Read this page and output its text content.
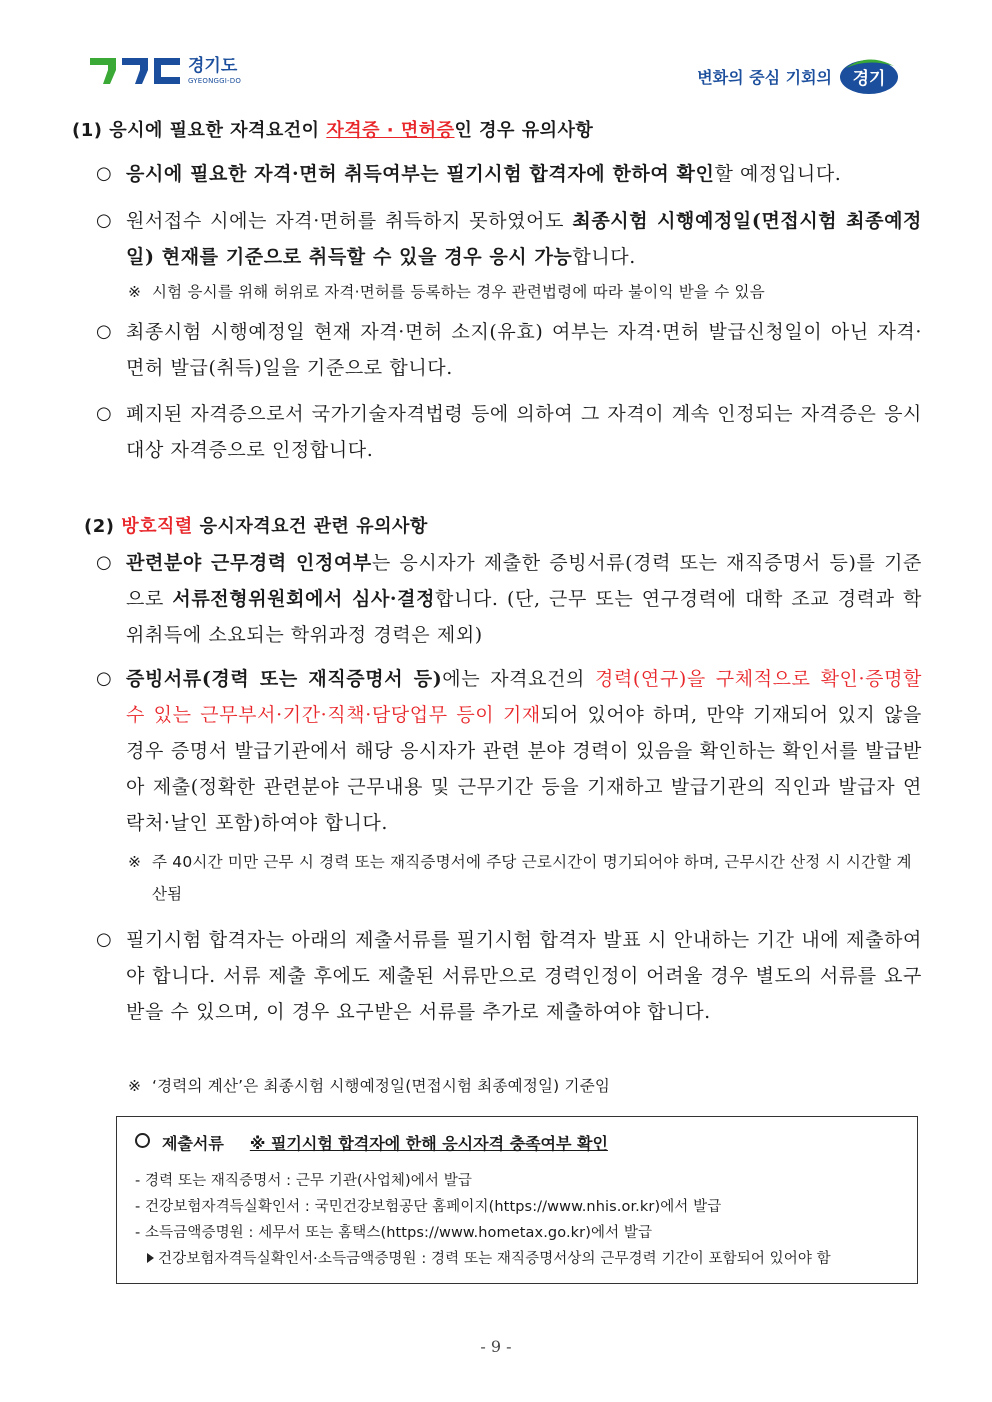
경기도
GYEONGGI-DO	변화의 중심 기회의	경기
(1) 응시에 필요한 자격요건이 자격증 · 면허증인 경우 유의사항
○ 응시에 필요한 자격·면허 취득여부는 필기시험 합격자에 한하여 확인할 예정입니다.
○ 원서접수 시에는 자격·면허를 취득하지 못하였어도 최종시험 시행예정일(면접시험 최종예정일) 현재를 기준으로 취득할 수 있을 경우 응시 가능합니다.
※ 시험 응시를 위해 허위로 자격·면허를 등록하는 경우 관련법령에 따라 불이익 받을 수 있음
○ 최종시험 시행예정일 현재 자격·면허 소지(유효) 여부는 자격·면허 발급신청일이 아닌 자격·면허 발급(취득)일을 기준으로 합니다.
○ 폐지된 자격증으로서 국가기술자격법령 등에 의하여 그 자격이 계속 인정되는 자격증은 응시대상 자격증으로 인정합니다.
(2) 방호직렬 응시자격요건 관련 유의사항
○ 관련분야 근무경력 인정여부는 응시자가 제출한 증빙서류(경력 또는 재직증명서 등)를 기준으로 서류전형위원회에서 심사·결정합니다. (단, 근무 또는 연구경력에 대학 조교 경력과 학위취득에 소요되는 학위과정 경력은 제외)
○ 증빙서류(경력 또는 재직증명서 등)에는 자격요건의 경력(연구)을 구체적으로 확인·증명할 수 있는 근무부서·기간·직책·담당업무 등이 기재되어 있어야 하며, 만약 기재되어 있지 않을 경우 증명서 발급기관에서 해당 응시자가 관련 분야 경력이 있음을 확인하는 확인서를 발급받아 제출(정확한 관련분야 근무내용 및 근무기간 등을 기재하고 발급기관의 직인과 발급자 연락처·날인 포함)하여야 합니다.
※ 주 40시간 미만 근무 시 경력 또는 재직증명서에 주당 근로시간이 명기되어야 하며, 근무시간 산정 시 시간할 계산됨
○ 필기시험 합격자는 아래의 제출서류를 필기시험 합격자 발표 시 안내하는 기간 내에 제출하여야 합니다. 서류 제출 후에도 제출된 서류만으로 경력인정이 어려울 경우 별도의 서류를 요구받을 수 있으며, 이 경우 요구받은 서류를 추가로 제출하여야 합니다.
※ ‘경력의 계산’은 최종시험 시행예정일(면접시험 최종예정일) 기준임
제출서류 ※ 필기시험 합격자에 한해 응시자격 충족여부 확인
- 경력 또는 재직증명서 : 근무 기관(사업체)에서 발급
- 건강보험자격득실확인서 : 국민건강보험공단 홈페이지(https://www.nhis.or.kr)에서 발급
- 소득금액증명원 : 세무서 또는 홈택스(https://www.hometax.go.kr)에서 발급
건강보험자격득실확인서·소득금액증명원 : 경력 또는 재직증명서상의 근무경력 기간이 포함되어 있어야 함
- 9 -
